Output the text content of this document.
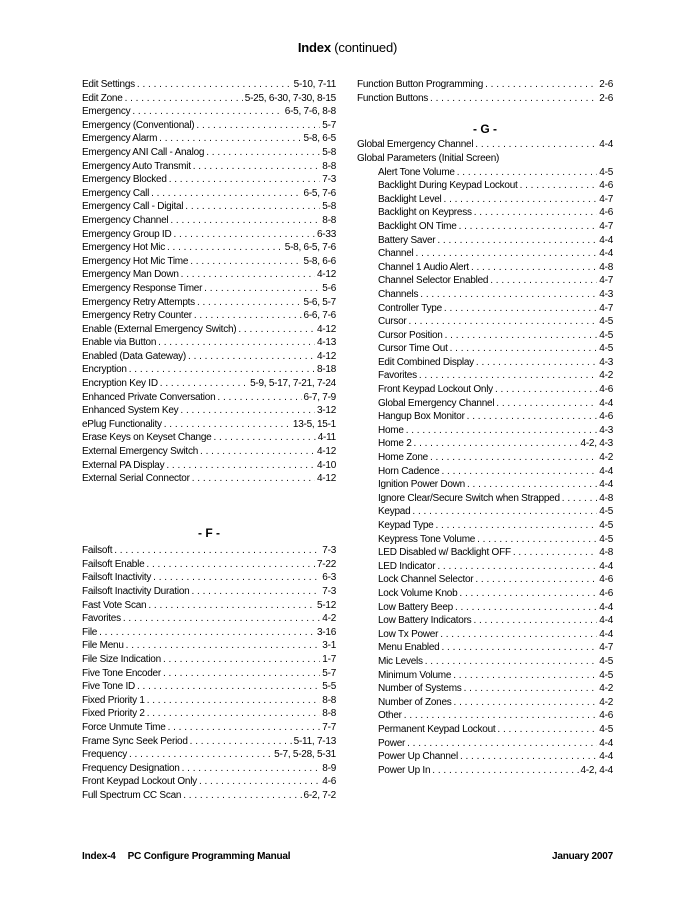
Index (continued)
Edit Settings . . .	5-10, 7-11
Edit Zone . . .	5-25, 6-30, 7-30, 8-15
Emergency . . .	6-5, 7-6, 8-8
Emergency (Conventional) . . .	5-7
Emergency Alarm . . .	5-8, 6-5
Emergency ANI Call - Analog . . .	5-8
Emergency Auto Transmit . . .	8-8
Emergency Blocked . . .	7-3
Emergency Call . . .	6-5, 7-6
Emergency Call - Digital . . .	5-8
Emergency Channel . . .	8-8
Emergency Group ID . . .	6-33
Emergency Hot Mic . . .	5-8, 6-5, 7-6
Emergency Hot Mic Time . . .	5-8, 6-6
Emergency Man Down . . .	4-12
Emergency Response Timer . . .	5-6
Emergency Retry Attempts . . .	5-6, 5-7
Emergency Retry Counter . . .	6-6, 7-6
Enable (External Emergency Switch) . . .	4-12
Enable via Button . . .	4-13
Enabled (Data Gateway) . . .	4-12
Encryption . . .	8-18
Encryption Key ID . . .	5-9, 5-17, 7-21, 7-24
Enhanced Private Conversation . . .	6-7, 7-9
Enhanced System Key . . .	3-12
ePlug Functionality . . .	13-5, 15-1
Erase Keys on Keyset Change . . .	4-11
External Emergency Switch . . .	4-12
External PA Display . . .	4-10
External Serial Connector . . .	4-12
- F -
Failsoft . . .	7-3
Failsoft Enable . . .	7-22
Failsoft Inactivity . . .	6-3
Failsoft Inactivity Duration . . .	7-3
Fast Vote Scan . . .	5-12
Favorites . . .	4-2
File . . .	3-16
File Menu . . .	3-1
File Size Indication . . .	1-7
Five Tone Encoder . . .	5-7
Five Tone ID . . .	5-5
Fixed Priority 1 . . .	8-8
Fixed Priority 2 . . .	8-8
Force Unmute Time . . .	7-7
Frame Sync Seek Period . . .	5-11, 7-13
Frequency . . .	5-7, 5-28, 5-31
Frequency Designation . . .	8-9
Front Keypad Lockout Only . . .	4-6
Full Spectrum CC Scan . . .	6-2, 7-2
Function Button Programming . . .	2-6
Function Buttons . . .	2-6
- G -
Global Emergency Channel . . .	4-4
Global Parameters (Initial Screen)
Alert Tone Volume . . .	4-5
Backlight During Keypad Lockout . . .	4-6
Backlight Level . . .	4-7
Backlight on Keypress . . .	4-6
Backlight ON Time . . .	4-7
Battery Saver . . .	4-4
Channel . . .	4-4
Channel 1 Audio Alert . . .	4-8
Channel Selector Enabled . . .	4-7
Channels . . .	4-3
Controller Type . . .	4-7
Cursor . . .	4-5
Cursor Position . . .	4-5
Cursor Time Out . . .	4-5
Edit Combined Display . . .	4-3
Favorites . . .	4-2
Front Keypad Lockout Only . . .	4-6
Global Emergency Channel . . .	4-4
Hangup Box Monitor . . .	4-6
Home . . .	4-3
Home 2 . . .	4-2, 4-3
Home Zone . . .	4-2
Horn Cadence . . .	4-4
Ignition Power Down . . .	4-4
Ignore Clear/Secure Switch when Strapped . . .	4-8
Keypad . . .	4-5
Keypad Type . . .	4-5
Keypress Tone Volume . . .	4-5
LED Disabled w/ Backlight OFF . . .	4-8
LED Indicator . . .	4-4
Lock Channel Selector . . .	4-6
Lock Volume Knob . . .	4-6
Low Battery Beep . . .	4-4
Low Battery Indicators . . .	4-4
Low Tx Power . . .	4-4
Menu Enabled . . .	4-7
Mic Levels . . .	4-5
Minimum Volume . . .	4-5
Number of Systems . . .	4-2
Number of Zones . . .	4-2
Other . . .	4-6
Permanent Keypad Lockout . . .	4-5
Power . . .	4-4
Power Up Channel . . .	4-4
Power Up In . . .	4-2, 4-4
Index-4 PC Configure Programming Manual	January 2007
